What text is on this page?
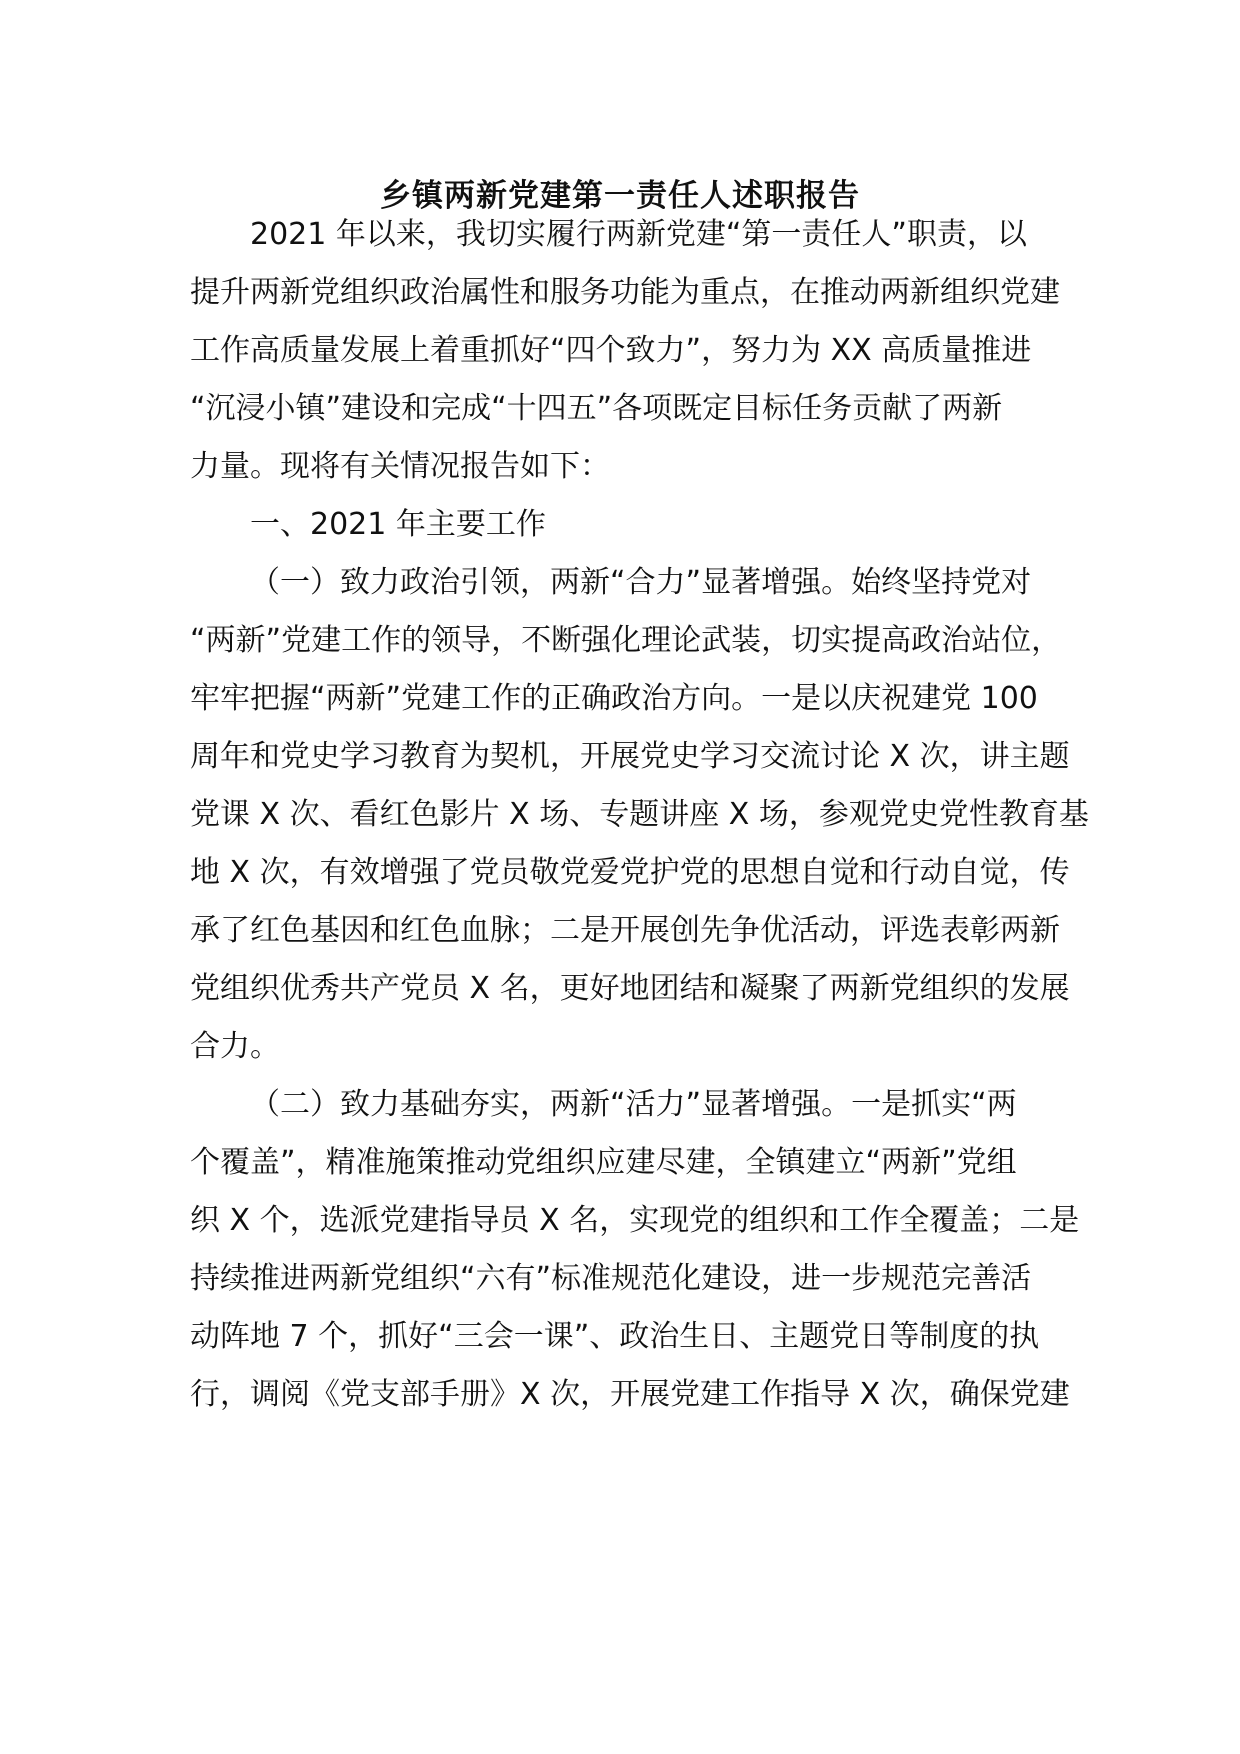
乡镇两新党建第一责任人述职报告
2021 年以来，我切实履行两新党建“第一责任人”职责，以
提升两新党组织政治属性和服务功能为重点，在推动两新组织党建
工作高质量发展上着重抓好“四个致力”，努力为 XX 高质量推进
“沉浸小镇”建设和完成“十四五”各项既定目标任务贡献了两新
力量。现将有关情况报告如下：
一、2021 年主要工作
（一）致力政治引领，两新“合力”显著增强。始终坚持党对
“两新”党建工作的领导，不断强化理论武装，切实提高政治站位，
牢牢把握“两新”党建工作的正确政治方向。一是以庆祝建党 100
周年和党史学习教育为契机，开展党史学习交流讨论 X 次，讲主题
党课 X 次、看红色影片 X 场、专题讲座 X 场，参观党史党性教育基
地 X 次，有效增强了党员敬党爱党护党的思想自觉和行动自觉，传
承了红色基因和红色血脉；二是开展创先争优活动，评选表彰两新
党组织优秀共产党员 X 名，更好地团结和凝聚了两新党组织的发展
合力。
（二）致力基础夯实，两新“活力”显著增强。一是抓实“两
个覆盖”，精准施策推动党组织应建尽建，全镇建立“两新”党组
织 X 个，选派党建指导员 X 名，实现党的组织和工作全覆盖；二是
持续推进两新党组织“六有”标准规范化建设，进一步规范完善活
动阵地 7 个，抓好“三会一课”、政治生日、主题党日等制度的执
行，调阅《党支部手册》X 次，开展党建工作指导 X 次，确保党建
